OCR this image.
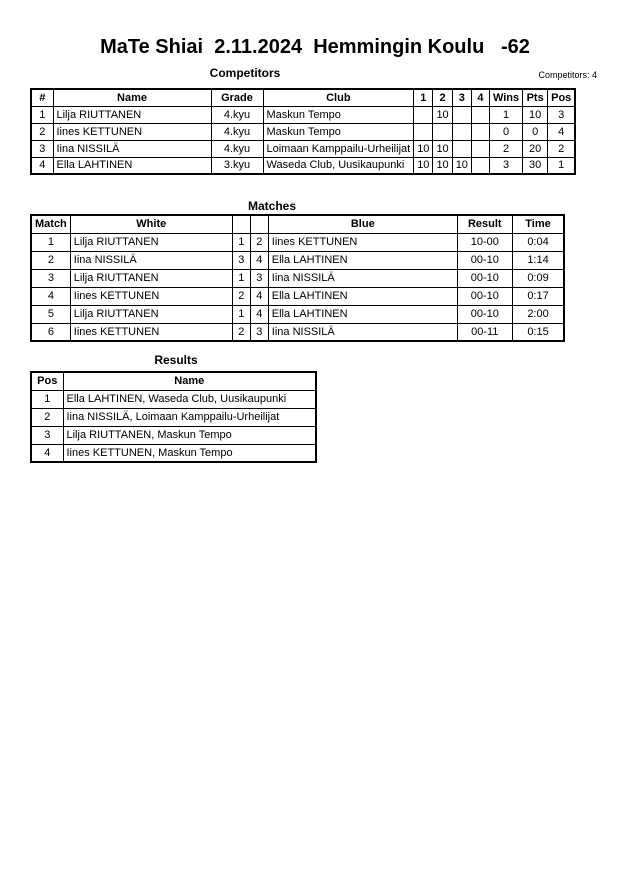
MaTe Shiai  2.11.2024  Hemmingin Koulu   -62
Competitors	Competitors: 4
#	Name	Grade	Club	1	2	3	4	Wins	Pts	Pos
1	Lilja RIUTTANEN	4.kyu	Maskun Tempo		10			1	10	3
2	Iines KETTUNEN	4.kyu	Maskun Tempo					0	0	4
3	Iina NISSILÄ	4.kyu	Loimaan Kamppailu-Urheilijat	10	10			2	20	2
4	Ella LAHTINEN	3.kyu	Waseda Club, Uusikaupunki	10	10	10		3	30	1
Matches
Match	White			Blue	Result	Time
1	Lilja RIUTTANEN	1	2	Iines KETTUNEN	10-00	0:04
2	Iina NISSILÄ	3	4	Ella LAHTINEN	00-10	1:14
3	Lilja RIUTTANEN	1	3	Iina NISSILÄ	00-10	0:09
4	Iines KETTUNEN	2	4	Ella LAHTINEN	00-10	0:17
5	Lilja RIUTTANEN	1	4	Ella LAHTINEN	00-10	2:00
6	Iines KETTUNEN	2	3	Iina NISSILÄ	00-11	0:15
Results
Pos	Name
1	Ella LAHTINEN, Waseda Club, Uusikaupunki
2	Iina NISSILÄ, Loimaan Kamppailu-Urheilijat
3	Lilja RIUTTANEN, Maskun Tempo
4	Iines KETTUNEN, Maskun Tempo
